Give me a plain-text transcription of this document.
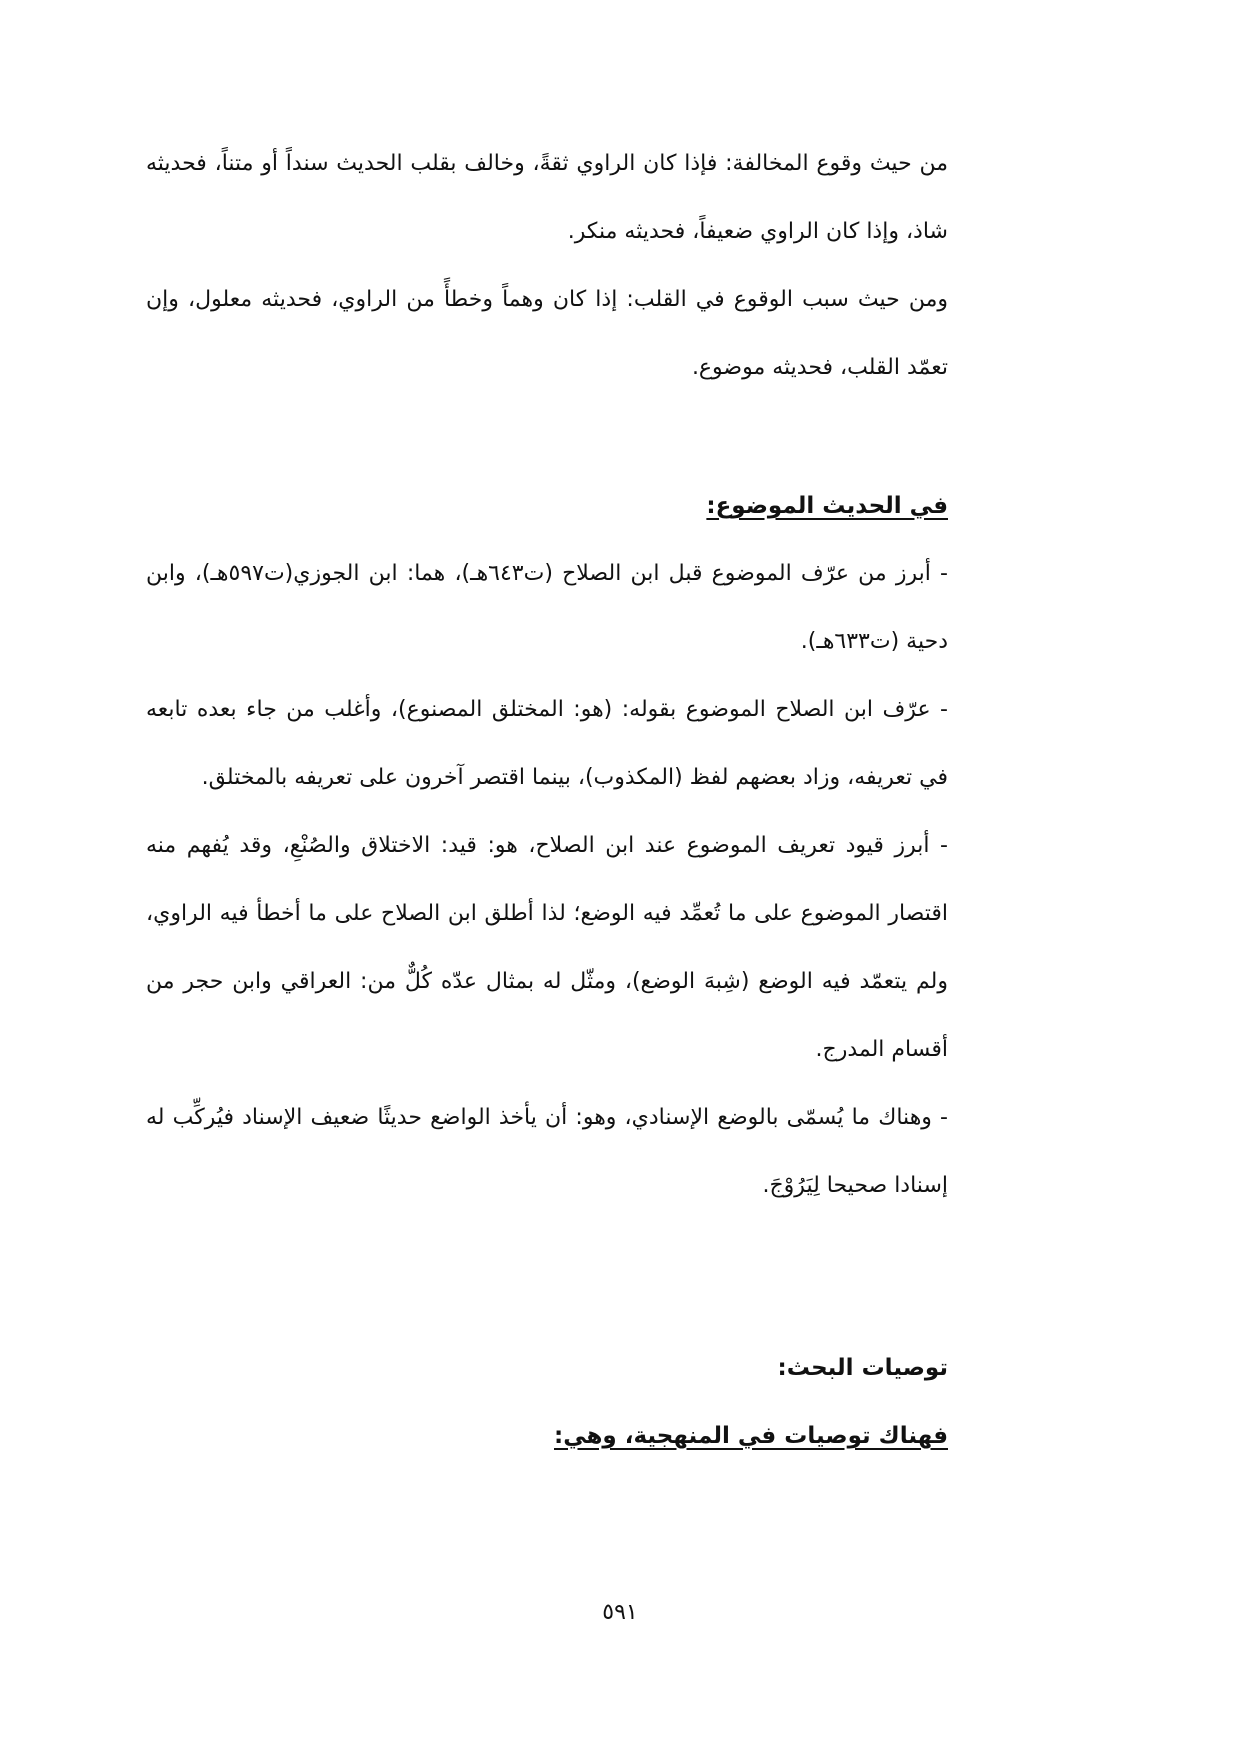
من حيث وقوع المخالفة: فإذا كان الراوي ثقةً، وخالف بقلب الحديث سنداً أو متناً، فحديثه شاذ، وإذا كان الراوي ضعيفاً، فحديثه منكر.

ومن حيث سبب الوقوع في القلب: إذا كان وهماً وخطأً من الراوي، فحديثه معلول، وإن تعمّد القلب، فحديثه موضوع.

في الحديث الموضوع:

- أبرز من عرّف الموضوع قبل ابن الصلاح (ت٦٤٣هـ)، هما: ابن الجوزي(ت٥٩٧هـ)، وابن دحية (ت٦٣٣هـ).

- عرّف ابن الصلاح الموضوع بقوله: (هو: المختلق المصنوع)، وأغلب من جاء بعده تابعه في تعريفه، وزاد بعضهم لفظ (المكذوب)، بينما اقتصر آخرون على تعريفه بالمختلق.

- أبرز قيود تعريف الموضوع عند ابن الصلاح، هو: قيد: الاختلاق والصُنْعِ، وقد يُفهم منه اقتصار الموضوع على ما تُعمِّد فيه الوضع؛ لذا أطلق ابن الصلاح على ما أخطأ فيه الراوي، ولم يتعمّد فيه الوضع (شِبهَ الوضع)، ومثّل له بمثال عدّه كُلٌّ من: العراقي وابن حجر من أقسام المدرج.

- وهناك ما يُسمّى بالوضع الإسنادي، وهو: أن يأخذ الواضع حديثًا ضعيف الإسناد فيُركِّب له إسنادا صحيحا لِيَرُوْجَ.

توصيات البحث:
فهناك توصيات في المنهجية، وهي:
٥٩١
